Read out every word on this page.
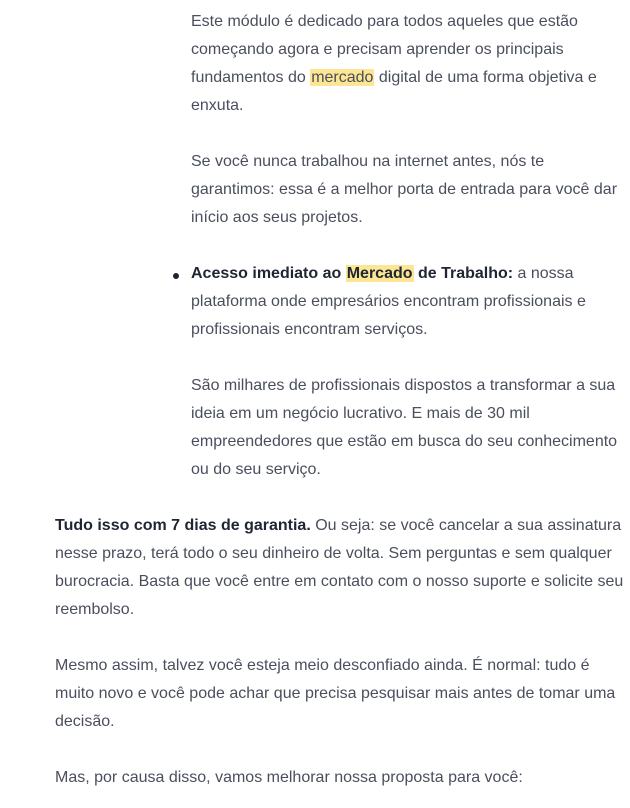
Este módulo é dedicado para todos aqueles que estão começando agora e precisam aprender os principais fundamentos do mercado digital de uma forma objetiva e enxuta.

Se você nunca trabalhou na internet antes, nós te garantimos: essa é a melhor porta de entrada para você dar início aos seus projetos.

Acesso imediato ao Mercado de Trabalho: a nossa plataforma onde empresários encontram profissionais e profissionais encontram serviços.

São milhares de profissionais dispostos a transformar a sua ideia em um negócio lucrativo. E mais de 30 mil empreendedores que estão em busca do seu conhecimento ou do seu serviço.

Tudo isso com 7 dias de garantia. Ou seja: se você cancelar a sua assinatura nesse prazo, terá todo o seu dinheiro de volta. Sem perguntas e sem qualquer burocracia. Basta que você entre em contato com o nosso suporte e solicite seu reembolso.

Mesmo assim, talvez você esteja meio desconfiado ainda. É normal: tudo é muito novo e você pode achar que precisa pesquisar mais antes de tomar uma decisão.

Mas, por causa disso, vamos melhorar nossa proposta para você:
